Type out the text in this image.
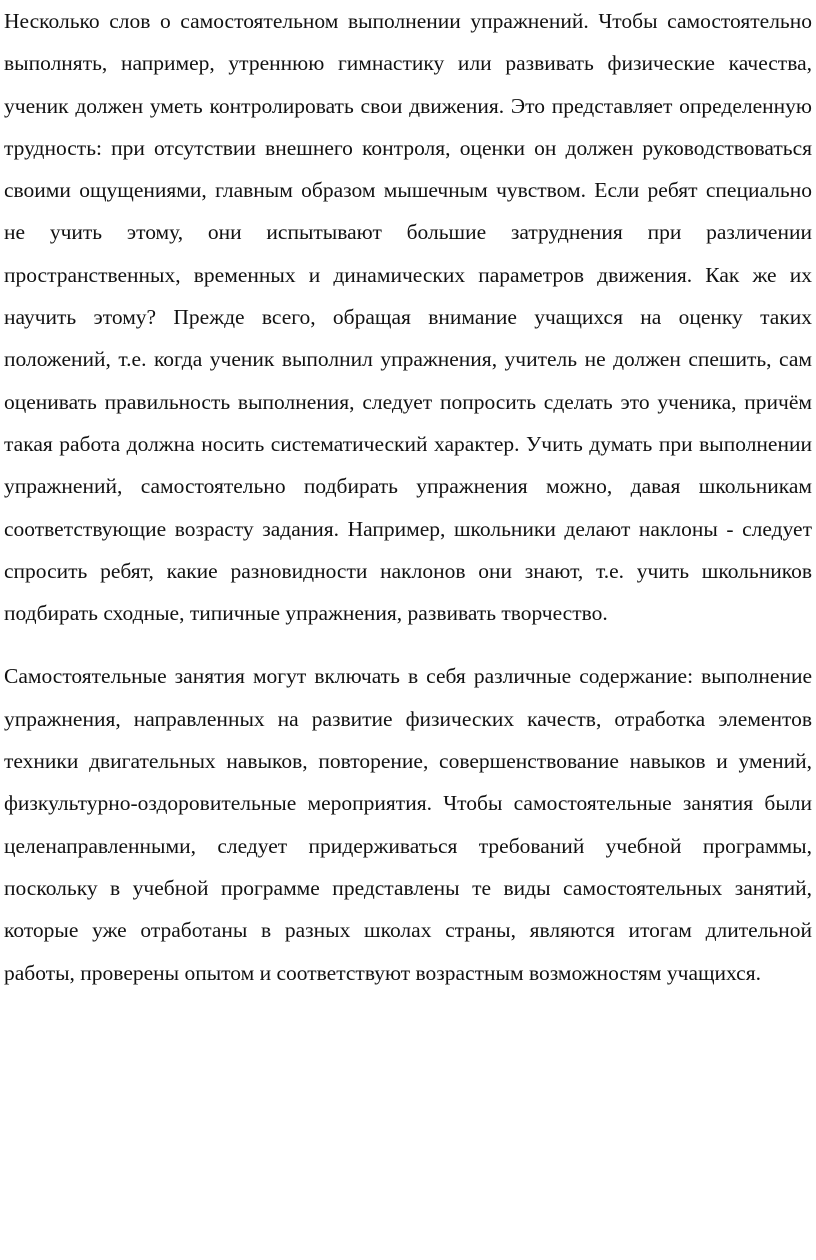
Несколько слов о самостоятельном выполнении упражнений. Чтобы самостоятельно выполнять, например, утреннюю гимнастику или развивать физические качества, ученик должен уметь контролировать свои движения. Это представляет определенную трудность: при отсутствии внешнего контроля, оценки он должен руководствоваться своими ощущениями, главным образом мышечным чувством. Если ребят специально не учить этому, они испытывают большие затруднения при различении пространственных, временных и динамических параметров движения. Как же их научить этому? Прежде всего, обращая внимание учащихся на оценку таких положений, т.е. когда ученик выполнил упражнения, учитель не должен спешить, сам оценивать правильность выполнения, следует попросить сделать это ученика, причём такая работа должна носить систематический характер. Учить думать при выполнении упражнений, самостоятельно подбирать упражнения можно, давая школьникам соответствующие возрасту задания. Например, школьники делают наклоны - следует спросить ребят, какие разновидности наклонов они знают, т.е. учить школьников подбирать сходные, типичные упражнения, развивать творчество.

Самостоятельные занятия могут включать в себя различные содержание: выполнение упражнения, направленных на развитие физических качеств, отработка элементов техники двигательных навыков, повторение, совершенствование навыков и умений, физкультурно-оздоровительные мероприятия. Чтобы самостоятельные занятия были целенаправленными, следует придерживаться требований учебной программы, поскольку в учебной программе представлены те виды самостоятельных занятий, которые уже отработаны в разных школах страны, являются итогам длительной работы, проверены опытом и соответствуют возрастным возможностям учащихся.
